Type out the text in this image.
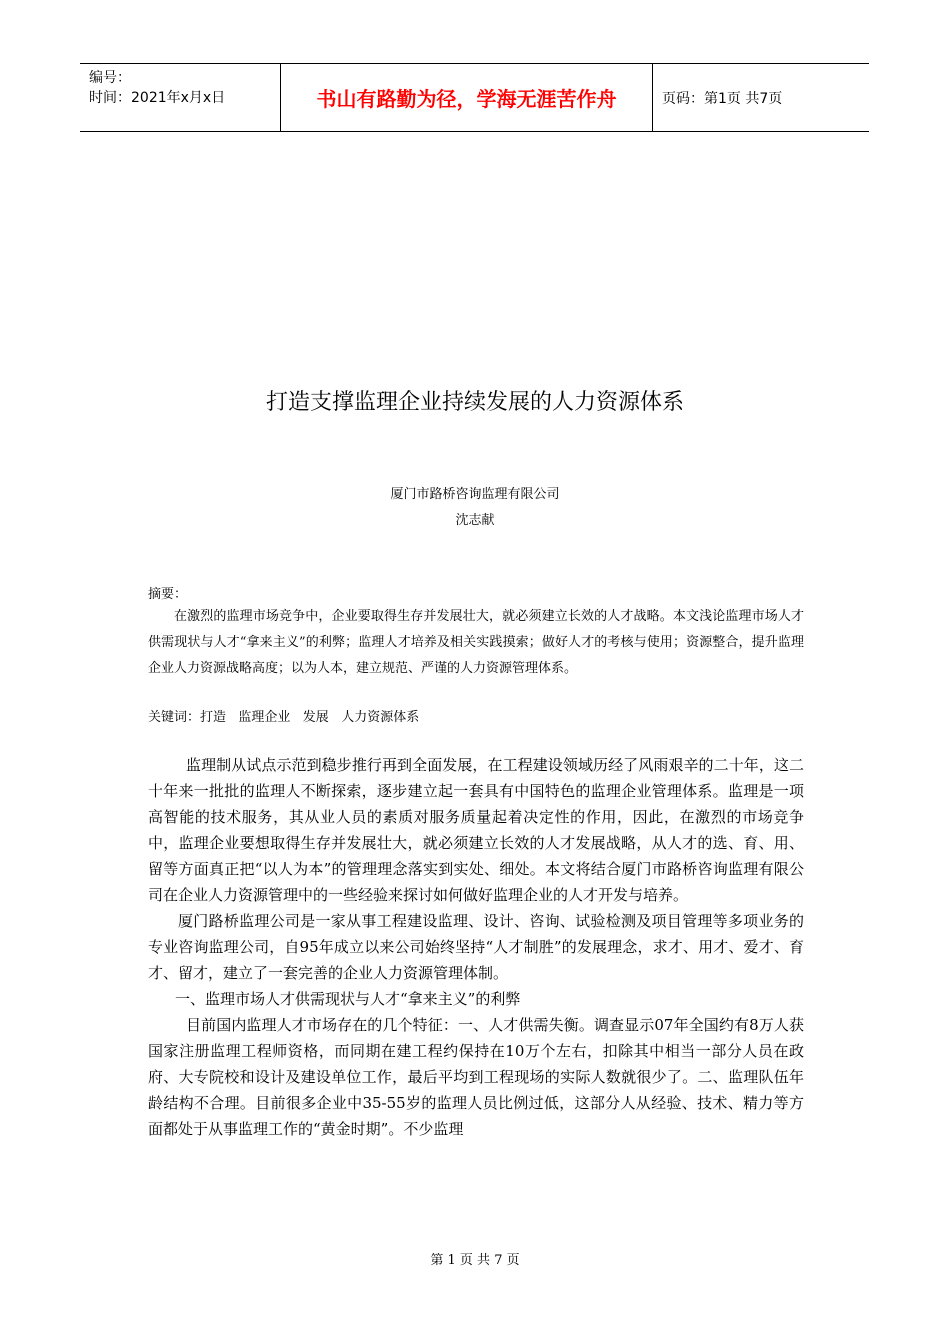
编号：
时间：2021年x月x日	书山有路勤为径，学海无涯苦作舟	页码：第1页 共7页
打造支撑监理企业持续发展的人力资源体系
厦门市路桥咨询监理有限公司
沈志献
摘要：

在激烈的监理市场竞争中，企业要取得生存并发展壮大，就必须建立长效的人才战略。本文浅论监理市场人才供需现状与人才“拿来主义”的利弊；监理人才培养及相关实践摸索；做好人才的考核与使用；资源整合，提升监理企业人力资源战略高度；以为人本，建立规范、严谨的人力资源管理体系。

关键词：打造   监理企业   发展   人力资源体系

监理制从试点示范到稳步推行再到全面发展，在工程建设领域历经了风雨艰辛的二十年，这二十年来一批批的监理人不断探索，逐步建立起一套具有中国特色的监理企业管理体系。监理是一项高智能的技术服务，其从业人员的素质对服务质量起着决定性的作用，因此，在激烈的市场竞争中，监理企业要想取得生存并发展壮大，就必须建立长效的人才发展战略，从人才的选、育、用、留等方面真正把“以人为本”的管理理念落实到实处、细处。本文将结合厦门市路桥咨询监理有限公司在企业人力资源管理中的一些经验来探讨如何做好监理企业的人才开发与培养。

厦门路桥监理公司是一家从事工程建设监理、设计、咨询、试验检测及项目管理等多项业务的专业咨询监理公司，自95年成立以来公司始终坚持“人才制胜”的发展理念，求才、用才、爱才、育才、留才，建立了一套完善的企业人力资源管理体制。

一、监理市场人才供需现状与人才“拿来主义”的利弊

目前国内监理人才市场存在的几个特征：一、人才供需失衡。调查显示07年全国约有8万人获国家注册监理工程师资格，而同期在建工程约保持在10万个左右，扣除其中相当一部分人员在政府、大专院校和设计及建设单位工作，最后平均到工程现场的实际人数就很少了。二、监理队伍年龄结构不合理。目前很多企业中35-55岁的监理人员比例过低，这部分人从经验、技术、精力等方面都处于从事监理工作的“黄金时期”。不少监理

第 1 页 共 7 页
